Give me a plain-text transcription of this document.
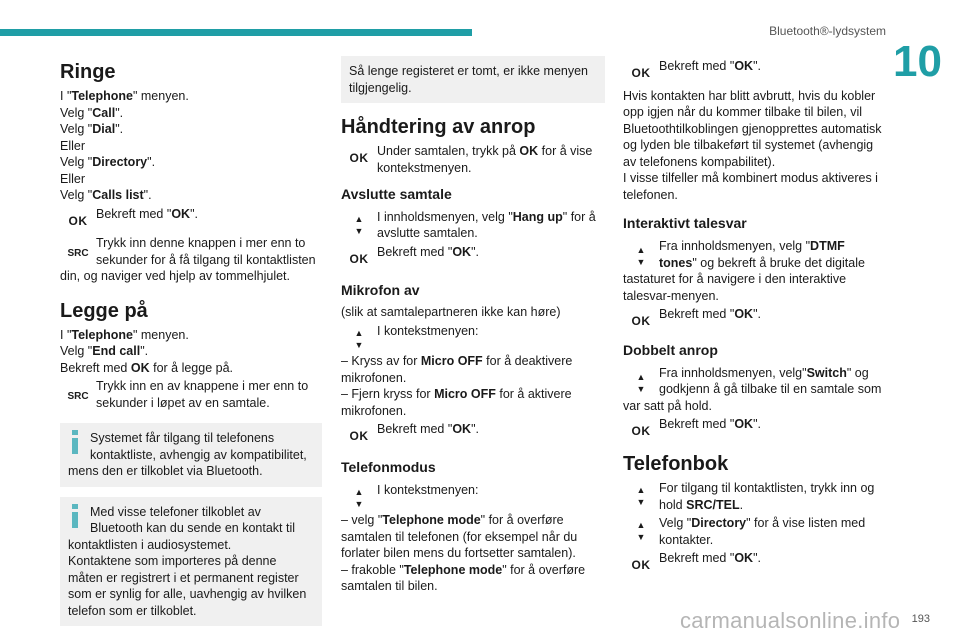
Bluetooth®-lydsystem
10
Ringe

I "Telephone" menyen.

Velg "Call".

Velg "Dial".

Eller

Velg "Directory".

Eller

Velg "Calls list".

OK Bekreft med "OK".
SRC
Trykk inn denne knappen i mer enn to sekunder for å få tilgang til kontaktlisten din, og naviger ved hjelp av tommelhjulet.
Legge på

I "Telephone" menyen.

Velg "End call".

Bekreft med OK for å legge på.

SRC
Trykk inn en av knappene i mer enn to sekunder i løpet av en samtale.
Systemet får tilgang til telefonens kontaktliste, avhengig av kompatibilitet, mens den er tilkoblet via Bluetooth.

Med visse telefoner tilkoblet av Bluetooth kan du sende en kontakt til kontaktlisten i audiosystemet.

Kontaktene som importeres på denne måten er registrert i et permanent register som er synlig for alle, uavhengig av hvilken telefon som er tilkoblet.

Så lenge registeret er tomt, er ikke menyen tilgjengelig.
Håndtering av anrop
OK Under samtalen, trykk på OK for å vise kontekstmenyen.
Avslutte samtale
▲
▼
I innholdsmenyen, velg "Hang up" for å avslutte samtalen.
OK Bekreft med "OK".
Mikrofon av

(slik at samtalepartneren ikke kan høre)

▲
▼
I kontekstmenyen:

– Kryss av for Micro OFF for å deaktivere mikrofonen.

– Fjern kryss for Micro OFF for å aktivere mikrofonen.

OK Bekreft med "OK".
Telefonmodus
▲
▼
I kontekstmenyen:

– velg "Telephone mode" for å overføre samtalen til telefonen (for eksempel når du forlater bilen mens du fortsetter samtalen).

– frakoble "Telephone mode" for å overføre samtalen til bilen.

OK Bekreft med "OK".

Hvis kontakten har blitt avbrutt, hvis du kobler opp igjen når du kommer tilbake til bilen, vil Bluetoothtilkoblingen gjenopprettes automatisk og lyden ble tilbakeført til systemet (avhengig av telefonens kompabilitet).

I visse tilfeller må kombinert modus aktiveres i telefonen.

Interaktivt talesvar
▲
▼
Fra innholdsmenyen, velg "DTMF tones" og bekreft å bruke det digitale tastaturet for å navigere i den interaktive talesvar-menyen.
OK Bekreft med "OK".
Dobbelt anrop
▲
▼
Fra innholdsmenyen, velg"Switch" og godkjenn å gå tilbake til en samtale som var satt på hold.
OK Bekreft med "OK".
Telefonbok
▲
▼
For tilgang til kontaktlisten, trykk inn og hold SRC/TEL.
▲
▼
Velg "Directory" for å vise listen med kontakter.
OK Bekreft med "OK".
193
carmanualsonline.info
